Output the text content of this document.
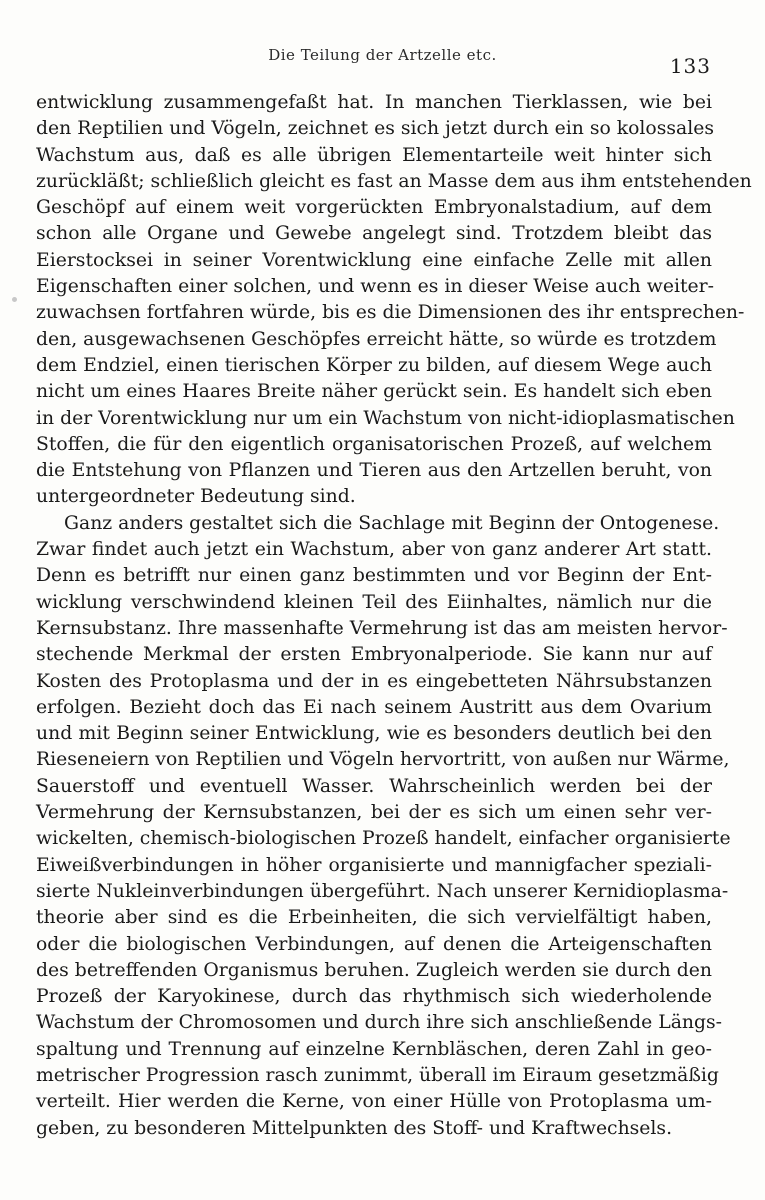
Die Teilung der Artzelle etc.	133
entwicklung zusammengefaßt hat. In manchen Tierklassen, wie bei
den Reptilien und Vögeln, zeichnet es sich jetzt durch ein so kolossales
Wachstum aus, daß es alle übrigen Elementarteile weit hinter sich
zurückläßt; schließlich gleicht es fast an Masse dem aus ihm entstehenden
Geschöpf auf einem weit vorgerückten Embryonalstadium, auf dem
schon alle Organe und Gewebe angelegt sind. Trotzdem bleibt das
Eierstocksei in seiner Vorentwicklung eine einfache Zelle mit allen
Eigenschaften einer solchen, und wenn es in dieser Weise auch weiter-
zuwachsen fortfahren würde, bis es die Dimensionen des ihr entsprechen-
den, ausgewachsenen Geschöpfes erreicht hätte, so würde es trotzdem
dem Endziel, einen tierischen Körper zu bilden, auf diesem Wege auch
nicht um eines Haares Breite näher gerückt sein. Es handelt sich eben
in der Vorentwicklung nur um ein Wachstum von nicht-idioplasmatischen
Stoffen, die für den eigentlich organisatorischen Prozeß, auf welchem
die Entstehung von Pflanzen und Tieren aus den Artzellen beruht, von
untergeordneter Bedeutung sind.
Ganz anders gestaltet sich die Sachlage mit Beginn der Ontogenese.
Zwar findet auch jetzt ein Wachstum, aber von ganz anderer Art statt.
Denn es betrifft nur einen ganz bestimmten und vor Beginn der Ent-
wicklung verschwindend kleinen Teil des Eiinhaltes, nämlich nur die
Kernsubstanz. Ihre massenhafte Vermehrung ist das am meisten hervor-
stechende Merkmal der ersten Embryonalperiode. Sie kann nur auf
Kosten des Protoplasma und der in es eingebetteten Nährsubstanzen
erfolgen. Bezieht doch das Ei nach seinem Austritt aus dem Ovarium
und mit Beginn seiner Entwicklung, wie es besonders deutlich bei den
Rieseneiern von Reptilien und Vögeln hervortritt, von außen nur Wärme,
Sauerstoff und eventuell Wasser. Wahrscheinlich werden bei der
Vermehrung der Kernsubstanzen, bei der es sich um einen sehr ver-
wickelten, chemisch-biologischen Prozeß handelt, einfacher organisierte
Eiweißverbindungen in höher organisierte und mannigfacher speziali-
sierte Nukleinverbindungen übergeführt. Nach unserer Kernidioplasma-
theorie aber sind es die Erbeinheiten, die sich vervielfältigt haben,
oder die biologischen Verbindungen, auf denen die Arteigenschaften
des betreffenden Organismus beruhen. Zugleich werden sie durch den
Prozeß der Karyokinese, durch das rhythmisch sich wiederholende
Wachstum der Chromosomen und durch ihre sich anschließende Längs-
spaltung und Trennung auf einzelne Kernbläschen, deren Zahl in geo-
metrischer Progression rasch zunimmt, überall im Eiraum gesetzmäßig
verteilt. Hier werden die Kerne, von einer Hülle von Protoplasma um-
geben, zu besonderen Mittelpunkten des Stoff- und Kraftwechsels.
